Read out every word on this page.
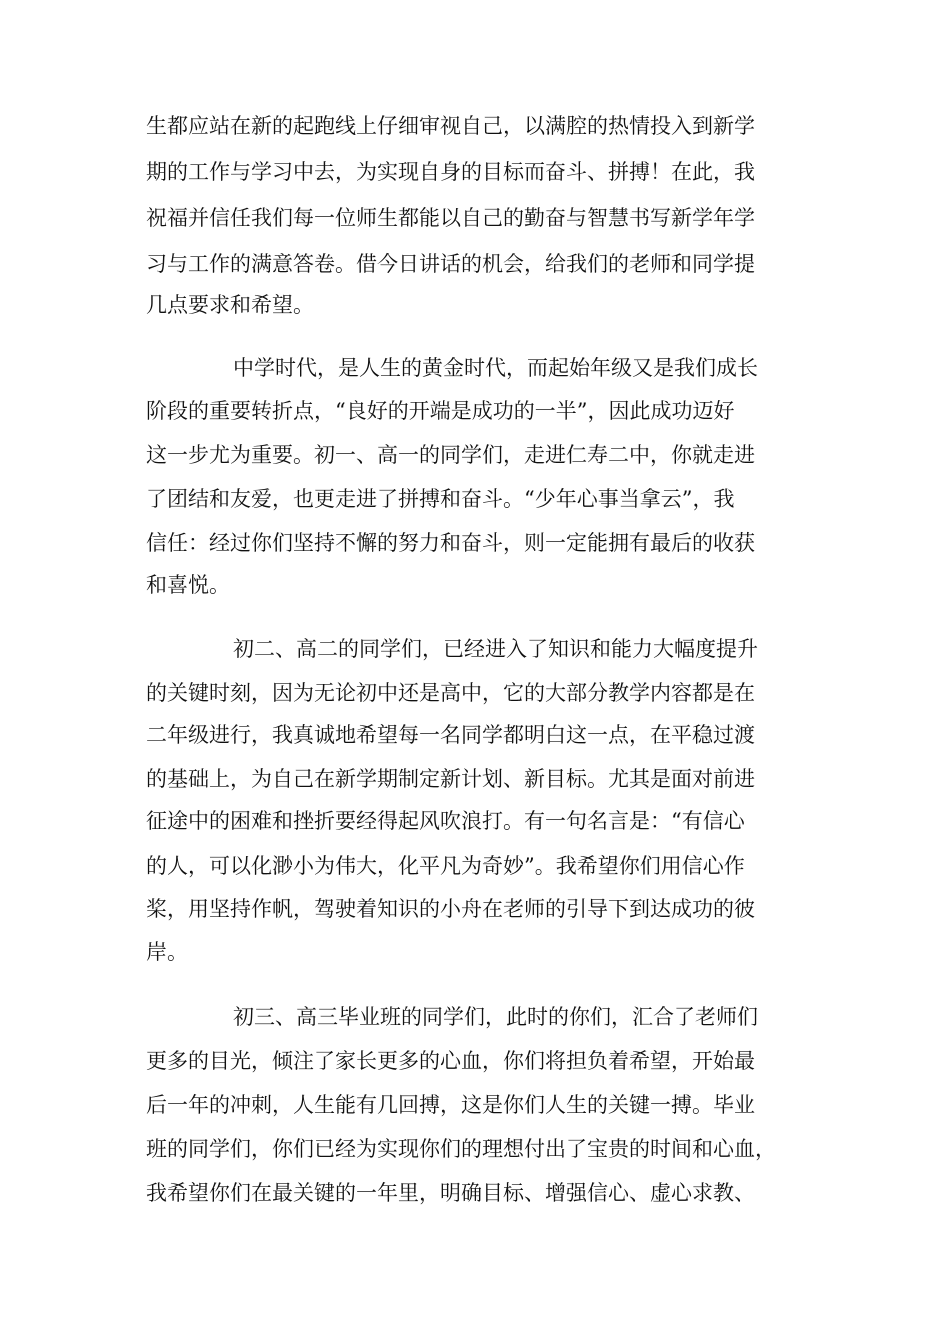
生都应站在新的起跑线上仔细审视自己，以满腔的热情投入到新学
期的工作与学习中去，为实现自身的目标而奋斗、拼搏！在此，我
祝福并信任我们每一位师生都能以自己的勤奋与智慧书写新学年学
习与工作的满意答卷。借今日讲话的机会，给我们的老师和同学提
几点要求和希望。
中学时代，是人生的黄金时代，而起始年级又是我们成长
阶段的重要转折点，“良好的开端是成功的一半”，因此成功迈好
这一步尤为重要。初一、高一的同学们，走进仁寿二中，你就走进
了团结和友爱，也更走进了拼搏和奋斗。“少年心事当拿云”，我
信任：经过你们坚持不懈的努力和奋斗，则一定能拥有最后的收获
和喜悦。
初二、高二的同学们，已经进入了知识和能力大幅度提升
的关键时刻，因为无论初中还是高中，它的大部分教学内容都是在
二年级进行，我真诚地希望每一名同学都明白这一点，在平稳过渡
的基础上，为自己在新学期制定新计划、新目标。尤其是面对前进
征途中的困难和挫折要经得起风吹浪打。有一句名言是：“有信心
的人，可以化渺小为伟大，化平凡为奇妙”。我希望你们用信心作
桨，用坚持作帆，驾驶着知识的小舟在老师的引导下到达成功的彼
岸。
初三、高三毕业班的同学们，此时的你们，汇合了老师们
更多的目光，倾注了家长更多的心血，你们将担负着希望，开始最
后一年的冲刺，人生能有几回搏，这是你们人生的关键一搏。毕业
班的同学们，你们已经为实现你们的理想付出了宝贵的时间和心血，
我希望你们在最关键的一年里，明确目标、增强信心、虚心求教、
